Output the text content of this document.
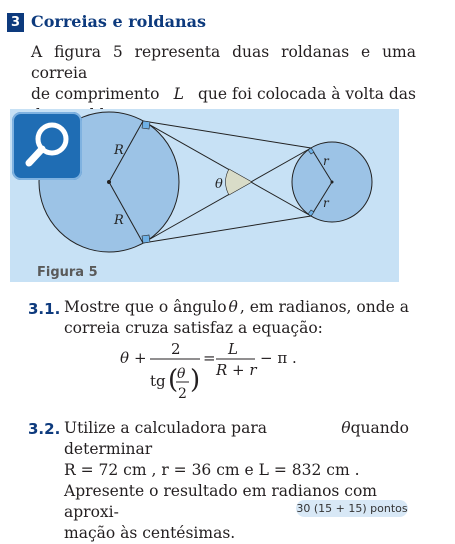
3 Correias e roldanas
A figura 5 representa duas roldanas e uma correia
de comprimento L que foi colocada à volta das
R
R
r
r
θ
Figura 5
3.1. Mostre que o ângulo θ , em radianos, onde a
correia cruza satisfaz a equação:
θ + 2
tg (
θ
2 )
= L
R + r
− π .
3.2. Utilize a calculadora para determinar
θ quando
R = 72 cm , r = 36 cm e L = 832 cm .
Apresente o resultado em radianos com aproxi-
mação às centésimas.
30 (15 + 15) pontos
